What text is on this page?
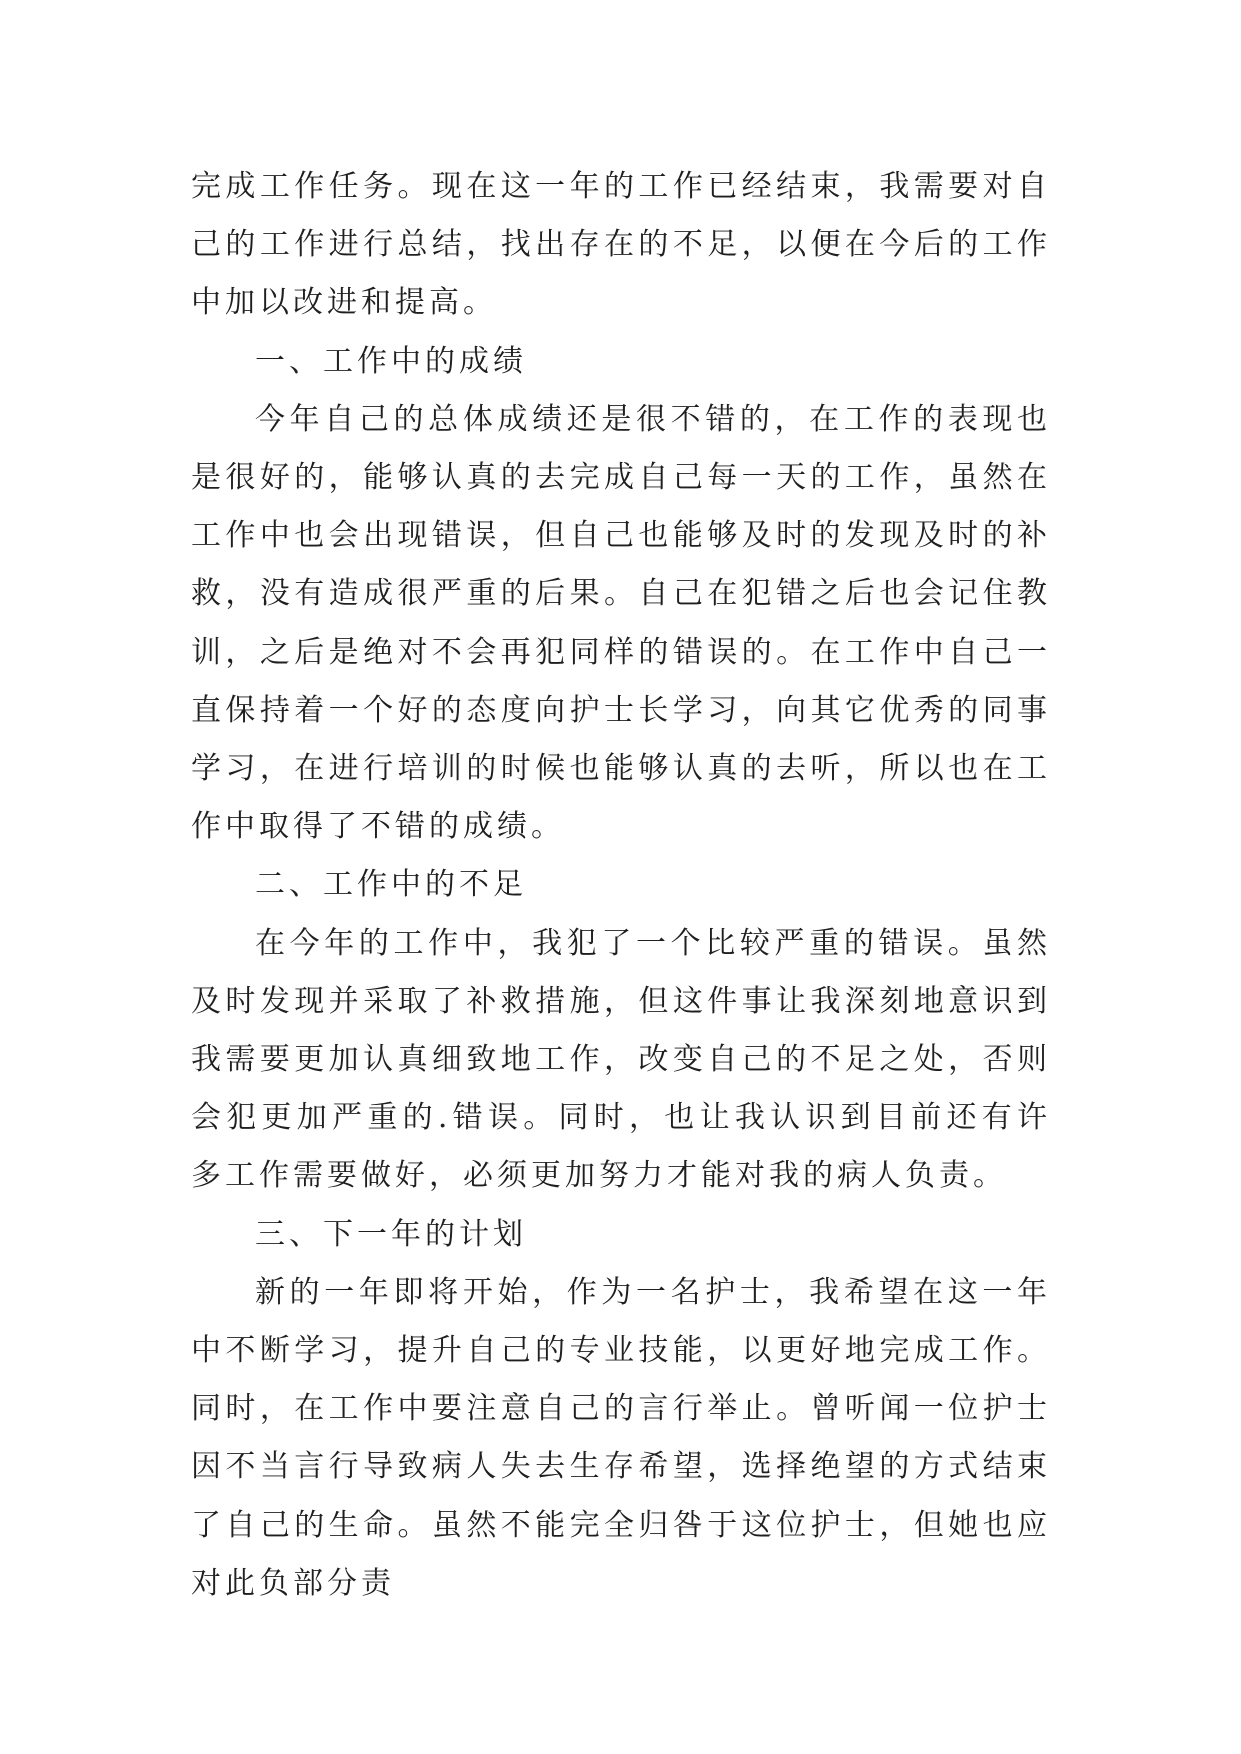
完成工作任务。现在这一年的工作已经结束，我需要对自己的工作进行总结，找出存在的不足，以便在今后的工作中加以改进和提高。

一、工作中的成绩

今年自己的总体成绩还是很不错的，在工作的表现也是很好的，能够认真的去完成自己每一天的工作，虽然在工作中也会出现错误，但自己也能够及时的发现及时的补救，没有造成很严重的后果。自己在犯错之后也会记住教训，之后是绝对不会再犯同样的错误的。在工作中自己一直保持着一个好的态度向护士长学习，向其它优秀的同事学习，在进行培训的时候也能够认真的去听，所以也在工作中取得了不错的成绩。

二、工作中的不足

在今年的工作中，我犯了一个比较严重的错误。虽然及时发现并采取了补救措施，但这件事让我深刻地意识到我需要更加认真细致地工作，改变自己的不足之处，否则会犯更加严重的.错误。同时，也让我认识到目前还有许多工作需要做好，必须更加努力才能对我的病人负责。

三、下一年的计划

新的一年即将开始，作为一名护士，我希望在这一年中不断学习，提升自己的专业技能，以更好地完成工作。同时，在工作中要注意自己的言行举止。曾听闻一位护士因不当言行导致病人失去生存希望，选择绝望的方式结束了自己的生命。虽然不能完全归咎于这位护士，但她也应对此负部分责
